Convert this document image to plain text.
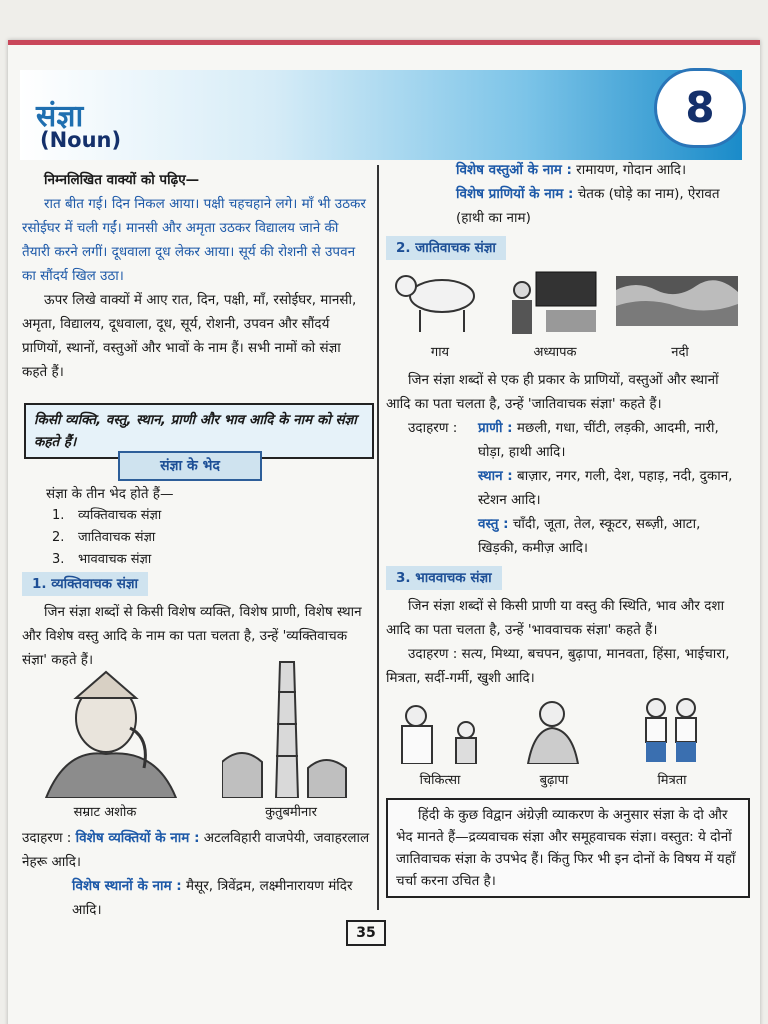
संज्ञा
(Noun)
8

निम्नलिखित वाक्यों को पढ़िए—

रात बीत गई। दिन निकल आया। पक्षी चहचहाने लगे। माँ भी उठकर रसोईघर में चली गईं। मानसी और अमृता उठकर विद्यालय जाने की तैयारी करने लगीं। दूधवाला दूध लेकर आया। सूर्य की रोशनी से उपवन का सौंदर्य खिल उठा।

ऊपर लिखे वाक्यों में आए रात, दिन, पक्षी, माँ, रसोईघर, मानसी, अमृता, विद्यालय, दूधवाला, दूध, सूर्य, रोशनी, उपवन और सौंदर्य प्राणियों, स्थानों, वस्तुओं और भावों के नाम हैं। सभी नामों को संज्ञा कहते हैं।

किसी व्यक्ति, वस्तु, स्थान, प्राणी और भाव आदि के नाम को संज्ञा कहते हैं।
संज्ञा के भेद

संज्ञा के तीन भेद होते हैं—

1. व्यक्तिवाचक संज्ञा
2. जातिवाचक संज्ञा
3. भाववाचक संज्ञा
1. व्यक्तिवाचक संज्ञा

जिन संज्ञा शब्दों से किसी विशेष व्यक्ति, विशेष प्राणी, विशेष स्थान और विशेष वस्तु आदि के नाम का पता चलता है, उन्हें 'व्यक्तिवाचक संज्ञा' कहते हैं।

सम्राट अशोक	कुतुबमीनार

उदाहरण : विशेष व्यक्तियों के नाम : अटलविहारी वाजपेयी, जवाहरलाल नेहरू आदि।

विशेष स्थानों के नाम : मैसूर, त्रिवेंद्रम, लक्ष्मीनारायण मंदिर आदि।

विशेष वस्तुओं के नाम : रामायण, गोदान आदि।

विशेष प्राणियों के नाम : चेतक (घोड़े का नाम), ऐरावत (हाथी का नाम)

2. जातिवाचक संज्ञा
गाय	अध्यापक	नदी

जिन संज्ञा शब्दों से एक ही प्रकार के प्राणियों, वस्तुओं और स्थानों आदि का पता चलता है, उन्हें 'जातिवाचक संज्ञा' कहते हैं।

उदाहरण :	प्राणी : मछली, गधा, चींटी, लड़की, आदमी, नारी, घोड़ा, हाथी आदि।
स्थान : बाज़ार, नगर, गली, देश, पहाड़, नदी, दुकान, स्टेशन आदि।
वस्तु : चाँदी, जूता, तेल, स्कूटर, सब्ज़ी, आटा, खिड़की, कमीज़ आदि।
3. भाववाचक संज्ञा

जिन संज्ञा शब्दों से किसी प्राणी या वस्तु की स्थिति, भाव और दशा आदि का पता चलता है, उन्हें 'भाववाचक संज्ञा' कहते हैं।

उदाहरण : सत्य, मिथ्या, बचपन, बुढ़ापा, मानवता, हिंसा, भाईचारा, मित्रता, सर्दी-गर्मी, खुशी आदि।

चिकित्सा	बुढ़ापा	मित्रता
हिंदी के कुछ विद्वान अंग्रेज़ी व्याकरण के अनुसार संज्ञा के दो और भेद मानते हैं—द्रव्यवाचक संज्ञा और समूहवाचक संज्ञा। वस्तुत: ये दोनों जातिवाचक संज्ञा के उपभेद हैं। किंतु फिर भी इन दोनों के विषय में यहाँ चर्चा करना उचित है।
35
